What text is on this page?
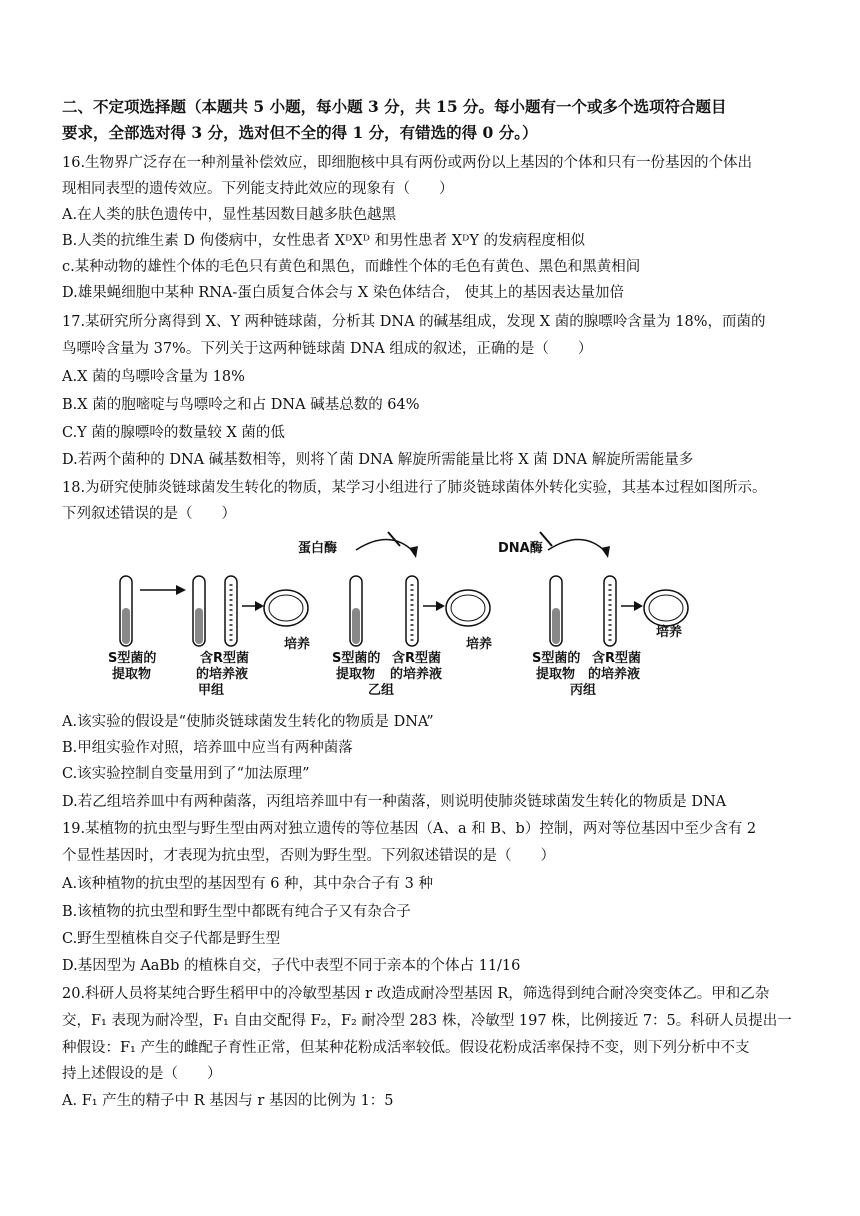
二、不定项选择题（本题共 5 小题，每小题 3 分，共 15 分。每小题有一个或多个选项符合题目
要求，全部选对得 3 分，选对但不全的得 1 分，有错选的得 0 分。）
16.生物界广泛存在一种剂量补偿效应，即细胞核中具有两份或两份以上基因的个体和只有一份基因的个体出
现相同表型的遗传效应。下列能支持此效应的现象有（　　）
A.在人类的肤色遗传中，显性基因数目越多肤色越黑
B.人类的抗维生素 D 佝偻病中，女性患者 XᴰXᴰ 和男性患者 XᴰY 的发病程度相似
c.某种动物的雄性个体的毛色只有黄色和黑色，而雌性个体的毛色有黄色、黑色和黑黄相间
D.雄果蝇细胞中某种 RNA-蛋白质复合体会与 X 染色体结合， 使其上的基因表达量加倍
17.某研究所分离得到 X、Y 两种链球菌，分析其 DNA 的碱基组成，发现 X 菌的腺嘌呤含量为 18%，而菌的
鸟嘌呤含量为 37%。下列关于这两种链球菌 DNA 组成的叙述，正确的是（　　）
A.X 菌的鸟嘌呤含量为 18%
B.X 菌的胞嘧啶与鸟嘌呤之和占 DNA 碱基总数的 64%
C.Y 菌的腺嘌呤的数量较 X 菌的低
D.若两个菌种的 DNA 碱基数相等，则将丫菌 DNA 解旋所需能量比将 X 菌 DNA 解旋所需能量多
18.为研究使肺炎链球菌发生转化的物质，某学习小组进行了肺炎链球菌体外转化实验，其基本过程如图所示。
下列叙述错误的是（　　）
培养
S型菌的
提取物
含R型菌
的培养液
甲组
蛋白酶
培养
S型菌的
提取物
含R型菌
的培养液
乙组
DNA酶
培养
S型菌的
提取物
含R型菌
的培养液
丙组
A.该实验的假设是“使肺炎链球菌发生转化的物质是 DNA”
B.甲组实验作对照，培养皿中应当有两种菌落
C.该实验控制自变量用到了“加法原理”
D.若乙组培养皿中有两种菌落，丙组培养皿中有一种菌落，则说明使肺炎链球菌发生转化的物质是 DNA
19.某植物的抗虫型与野生型由两对独立遗传的等位基因（A、a 和 B、b）控制，两对等位基因中至少含有 2
个显性基因时，才表现为抗虫型，否则为野生型。下列叙述错误的是（　　）
A.该种植物的抗虫型的基因型有 6 种，其中杂合子有 3 种
B.该植物的抗虫型和野生型中都既有纯合子又有杂合子
C.野生型植株自交子代都是野生型
D.基因型为 AaBb 的植株自交，子代中表型不同于亲本的个体占 11/16
20.科研人员将某纯合野生稻甲中的冷敏型基因 r 改造成耐冷型基因 R，筛选得到纯合耐冷突变体乙。甲和乙杂
交，F₁ 表现为耐冷型，F₁ 自由交配得 F₂，F₂ 耐冷型 283 株，冷敏型 197 株，比例接近 7：5。科研人员提出一
种假设：F₁ 产生的雌配子育性正常，但某种花粉成活率较低。假设花粉成活率保持不变，则下列分析中不支
持上述假设的是（　　）
A. F₁ 产生的精子中 R 基因与 r 基因的比例为 1：5
